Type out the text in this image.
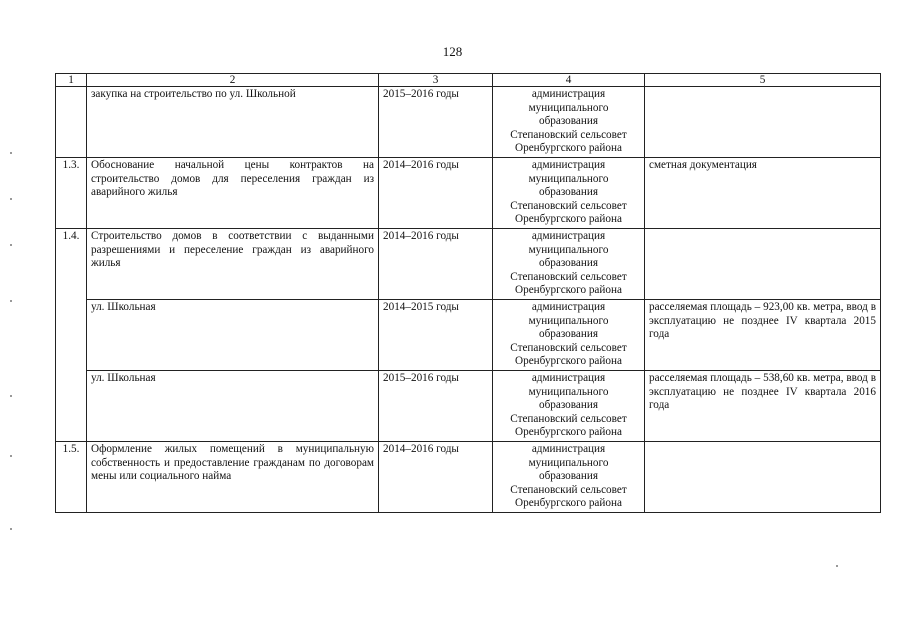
128
1	2	3	4	5
	закупка на строительство по ул. Школьной	2015–2016 годы	администрация
муниципального
образования
Степановский сельсовет
Оренбургского района	

1.3.	Обоснование начальной цены контрактов на строительство домов для переселения граждан из аварийного жилья	2014–2016 годы	администрация
муниципального
образования
Степановский сельсовет
Оренбургского района	сметная документация
1.4.	Строительство домов в соответствии с выданными разрешениями и переселение граждан из аварийного жилья	2014–2016 годы	администрация
муниципального
образования
Степановский сельсовет
Оренбургского района	

	ул. Школьная	2014–2015 годы	администрация
муниципального
образования
Степановский сельсовет
Оренбургского района	расселяемая площадь – 923,00 кв. метра, ввод в эксплуатацию не позднее IV квартала 2015 года
	ул. Школьная	2015–2016 годы	администрация
муниципального
образования
Степановский сельсовет
Оренбургского района	расселяемая площадь – 538,60 кв. метра, ввод в эксплуатацию не позднее IV квартала 2016 года
1.5.	Оформление жилых помещений в муниципальную собственность и предоставление гражданам по договорам мены или социального найма	2014–2016 годы	администрация
муниципального
образования
Степановский сельсовет
Оренбургского района	
